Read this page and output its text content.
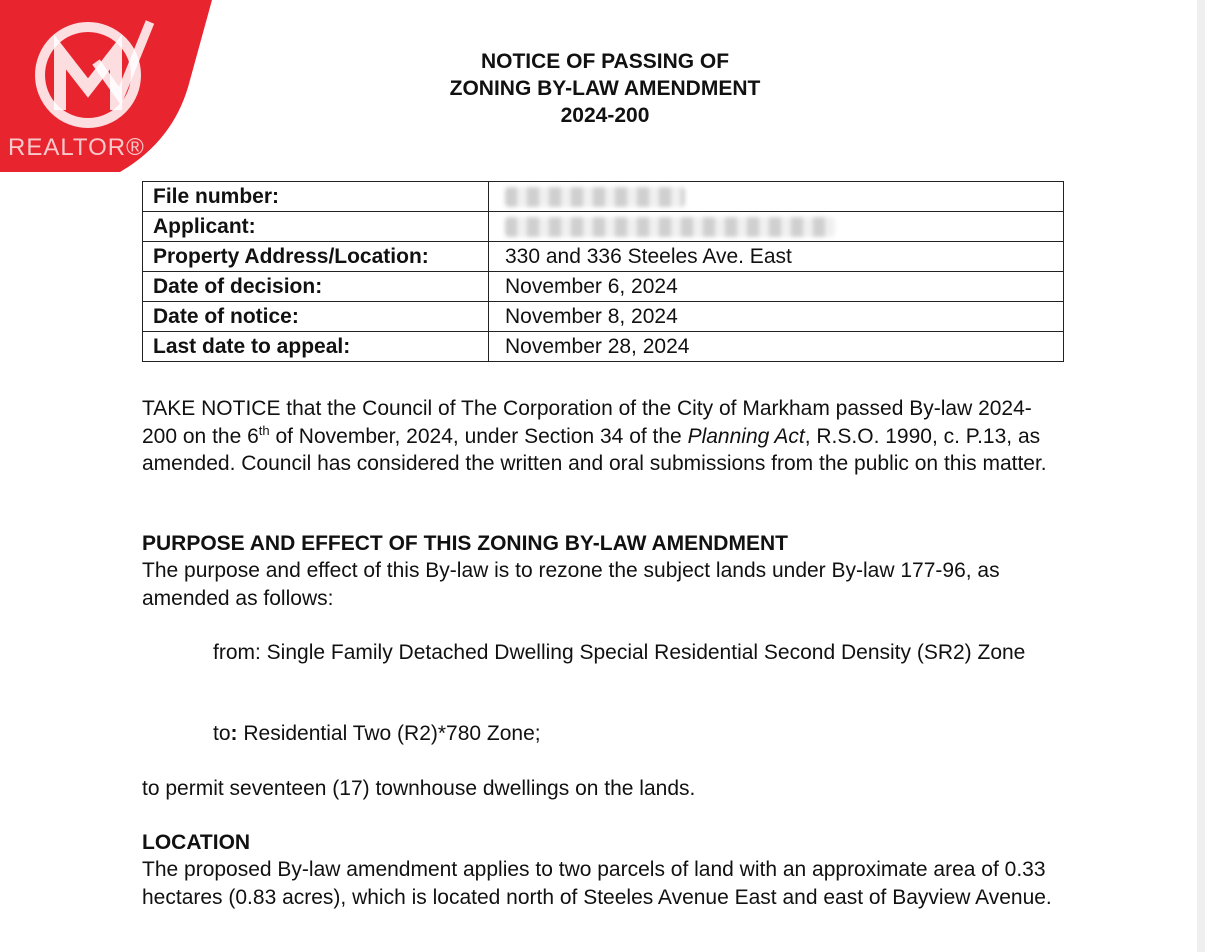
REALTOR®
NOTICE OF PASSING OF
ZONING BY-LAW AMENDMENT
2024-200
File number:	
Applicant:	
Property Address/Location:	330 and 336 Steeles Ave. East
Date of decision:	November 6, 2024
Date of notice:	November 8, 2024
Last date to appeal:	November 28, 2024
TAKE NOTICE that the Council of The Corporation of the City of Markham passed By-law 2024-200 on the 6th of November, 2024, under Section 34 of the Planning Act, R.S.O. 1990, c. P.13, as amended. Council has considered the written and oral submissions from the public on this matter.
PURPOSE AND EFFECT OF THIS ZONING BY-LAW AMENDMENT
The purpose and effect of this By-law is to rezone the subject lands under By-law 177-96, as amended as follows:
from: Single Family Detached Dwelling Special Residential Second Density (SR2) Zone
to: Residential Two (R2)*780 Zone;
to permit seventeen (17) townhouse dwellings on the lands.
LOCATION
The proposed By-law amendment applies to two parcels of land with an approximate area of 0.33 hectares (0.83 acres), which is located north of Steeles Avenue East and east of Bayview Avenue.
